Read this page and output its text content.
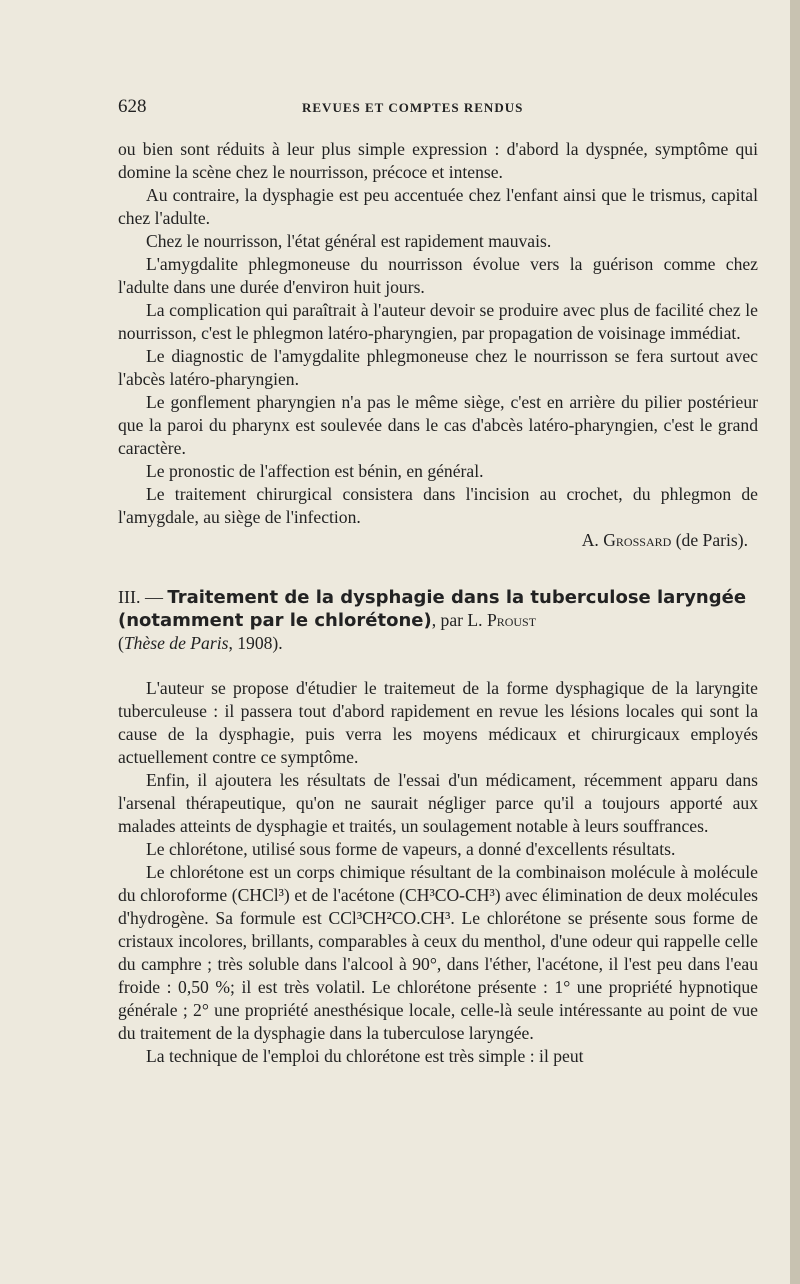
628	REVUES ET COMPTES RENDUS

ou bien sont réduits à leur plus simple expression : d'abord la dyspnée, symptôme qui domine la scène chez le nourrisson, précoce et intense.

Au contraire, la dysphagie est peu accentuée chez l'enfant ainsi que le trismus, capital chez l'adulte.

Chez le nourrisson, l'état général est rapidement mauvais.

L'amygdalite phlegmoneuse du nourrisson évolue vers la guérison comme chez l'adulte dans une durée d'environ huit jours.

La complication qui paraîtrait à l'auteur devoir se produire avec plus de facilité chez le nourrisson, c'est le phlegmon latéro-pharyngien, par propagation de voisinage immédiat.

Le diagnostic de l'amygdalite phlegmoneuse chez le nourrisson se fera surtout avec l'abcès latéro-pharyngien.

Le gonflement pharyngien n'a pas le même siège, c'est en arrière du pilier postérieur que la paroi du pharynx est soulevée dans le cas d'abcès latéro-pharyngien, c'est le grand caractère.

Le pronostic de l'affection est bénin, en général.

Le traitement chirurgical consistera dans l'incision au crochet, du phlegmon de l'amygdale, au siège de l'infection.

A. Grossard (de Paris).
III. — Traitement de la dysphagie dans la tuberculose laryngée (notamment par le chlorétone), par L. Proust
(Thèse de Paris, 1908).

L'auteur se propose d'étudier le traitemeut de la forme dysphagique de la laryngite tuberculeuse : il passera tout d'abord rapidement en revue les lésions locales qui sont la cause de la dysphagie, puis verra les moyens médicaux et chirurgicaux employés actuellement contre ce symptôme.

Enfin, il ajoutera les résultats de l'essai d'un médicament, récemment apparu dans l'arsenal thérapeutique, qu'on ne saurait négliger parce qu'il a toujours apporté aux malades atteints de dysphagie et traités, un soulagement notable à leurs souffrances.

Le chlorétone, utilisé sous forme de vapeurs, a donné d'excellents résultats.

Le chlorétone est un corps chimique résultant de la combinaison molécule à molécule du chloroforme (CHCl³) et de l'acétone (CH³CO-CH³) avec élimination de deux molécules d'hydrogène. Sa formule est CCl³CH²CO.CH³. Le chlorétone se présente sous forme de cristaux incolores, brillants, comparables à ceux du menthol, d'une odeur qui rappelle celle du camphre ; très soluble dans l'alcool à 90°, dans l'éther, l'acétone, il l'est peu dans l'eau froide : 0,50 %; il est très volatil. Le chlorétone présente : 1° une propriété hypnotique générale ; 2° une propriété anesthésique locale, celle-là seule intéressante au point de vue du traitement de la dysphagie dans la tuberculose laryngée.

La technique de l'emploi du chlorétone est très simple : il peut
